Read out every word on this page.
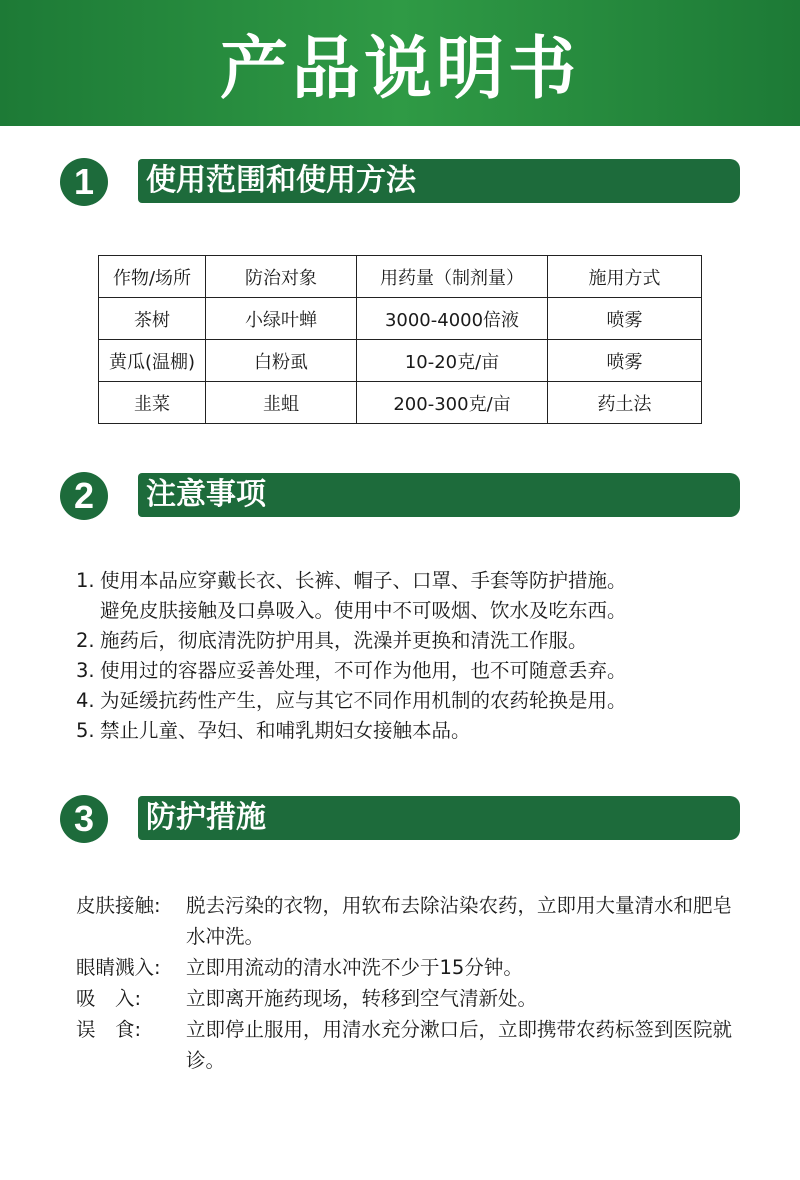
产品说明书
1	使用范围和使用方法
作物/场所	防治对象	用药量（制剂量）	施用方式
茶树	小绿叶蝉	3000-4000倍液	喷雾
黄瓜(温棚)	白粉虱	10-20克/亩	喷雾
韭菜	韭蛆	200-300克/亩	药土法
2	注意事项
1. 使用本品应穿戴长衣、长裤、帽子、口罩、手套等防护措施。
避免皮肤接触及口鼻吸入。使用中不可吸烟、饮水及吃东西。
2. 施药后，彻底清洗防护用具，洗澡并更换和清洗工作服。
3. 使用过的容器应妥善处理，不可作为他用，也不可随意丢弃。
4. 为延缓抗药性产生，应与其它不同作用机制的农药轮换是用。
5. 禁止儿童、孕妇、和哺乳期妇女接触本品。
3	防护措施
皮肤接触:	脱去污染的衣物，用软布去除沾染农药，立即用大量清水和肥皂水冲洗。
眼睛溅入:	立即用流动的清水冲洗不少于15分钟。
吸　入:	立即离开施药现场，转移到空气清新处。
误　食:	立即停止服用，用清水充分漱口后，立即携带农药标签到医院就诊。
